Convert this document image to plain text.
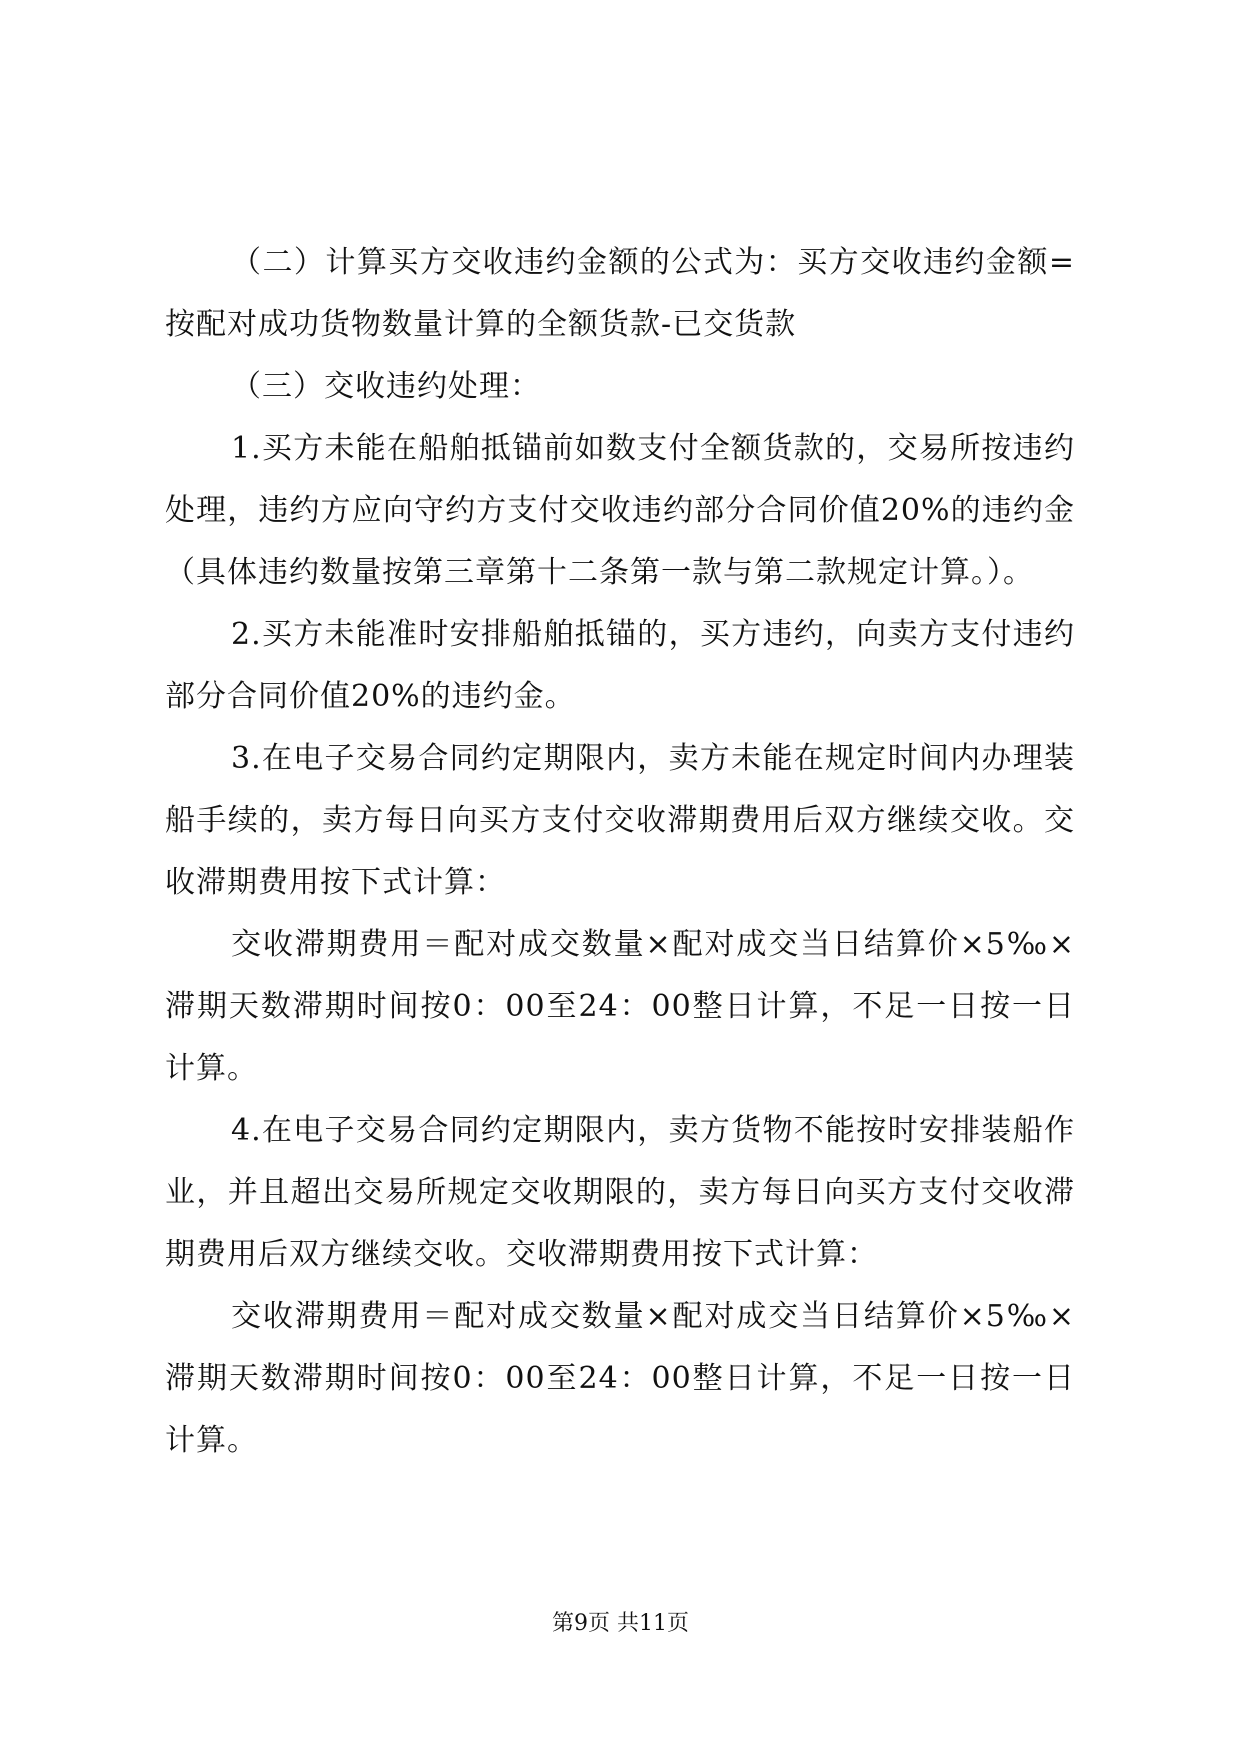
（二）计算买方交收违约金额的公式为：买方交收违约金额=按配对成功货物数量计算的全额货款-已交货款

（三）交收违约处理：

1.买方未能在船舶抵锚前如数支付全额货款的，交易所按违约处理，违约方应向守约方支付交收违约部分合同价值20%的违约金（具体违约数量按第三章第十二条第一款与第二款规定计算。）。

2.买方未能准时安排船舶抵锚的，买方违约，向卖方支付违约部分合同价值20%的违约金。

3.在电子交易合同约定期限内，卖方未能在规定时间内办理装船手续的，卖方每日向买方支付交收滞期费用后双方继续交收。交收滞期费用按下式计算：

交收滞期费用＝配对成交数量×配对成交当日结算价×5‰×滞期天数滞期时间按0：00至24：00整日计算，不足一日按一日计算。

4.在电子交易合同约定期限内，卖方货物不能按时安排装船作业，并且超出交易所规定交收期限的，卖方每日向买方支付交收滞期费用后双方继续交收。交收滞期费用按下式计算：

交收滞期费用＝配对成交数量×配对成交当日结算价×5‰×滞期天数滞期时间按0：00至24：00整日计算，不足一日按一日计算。

第9页 共11页
